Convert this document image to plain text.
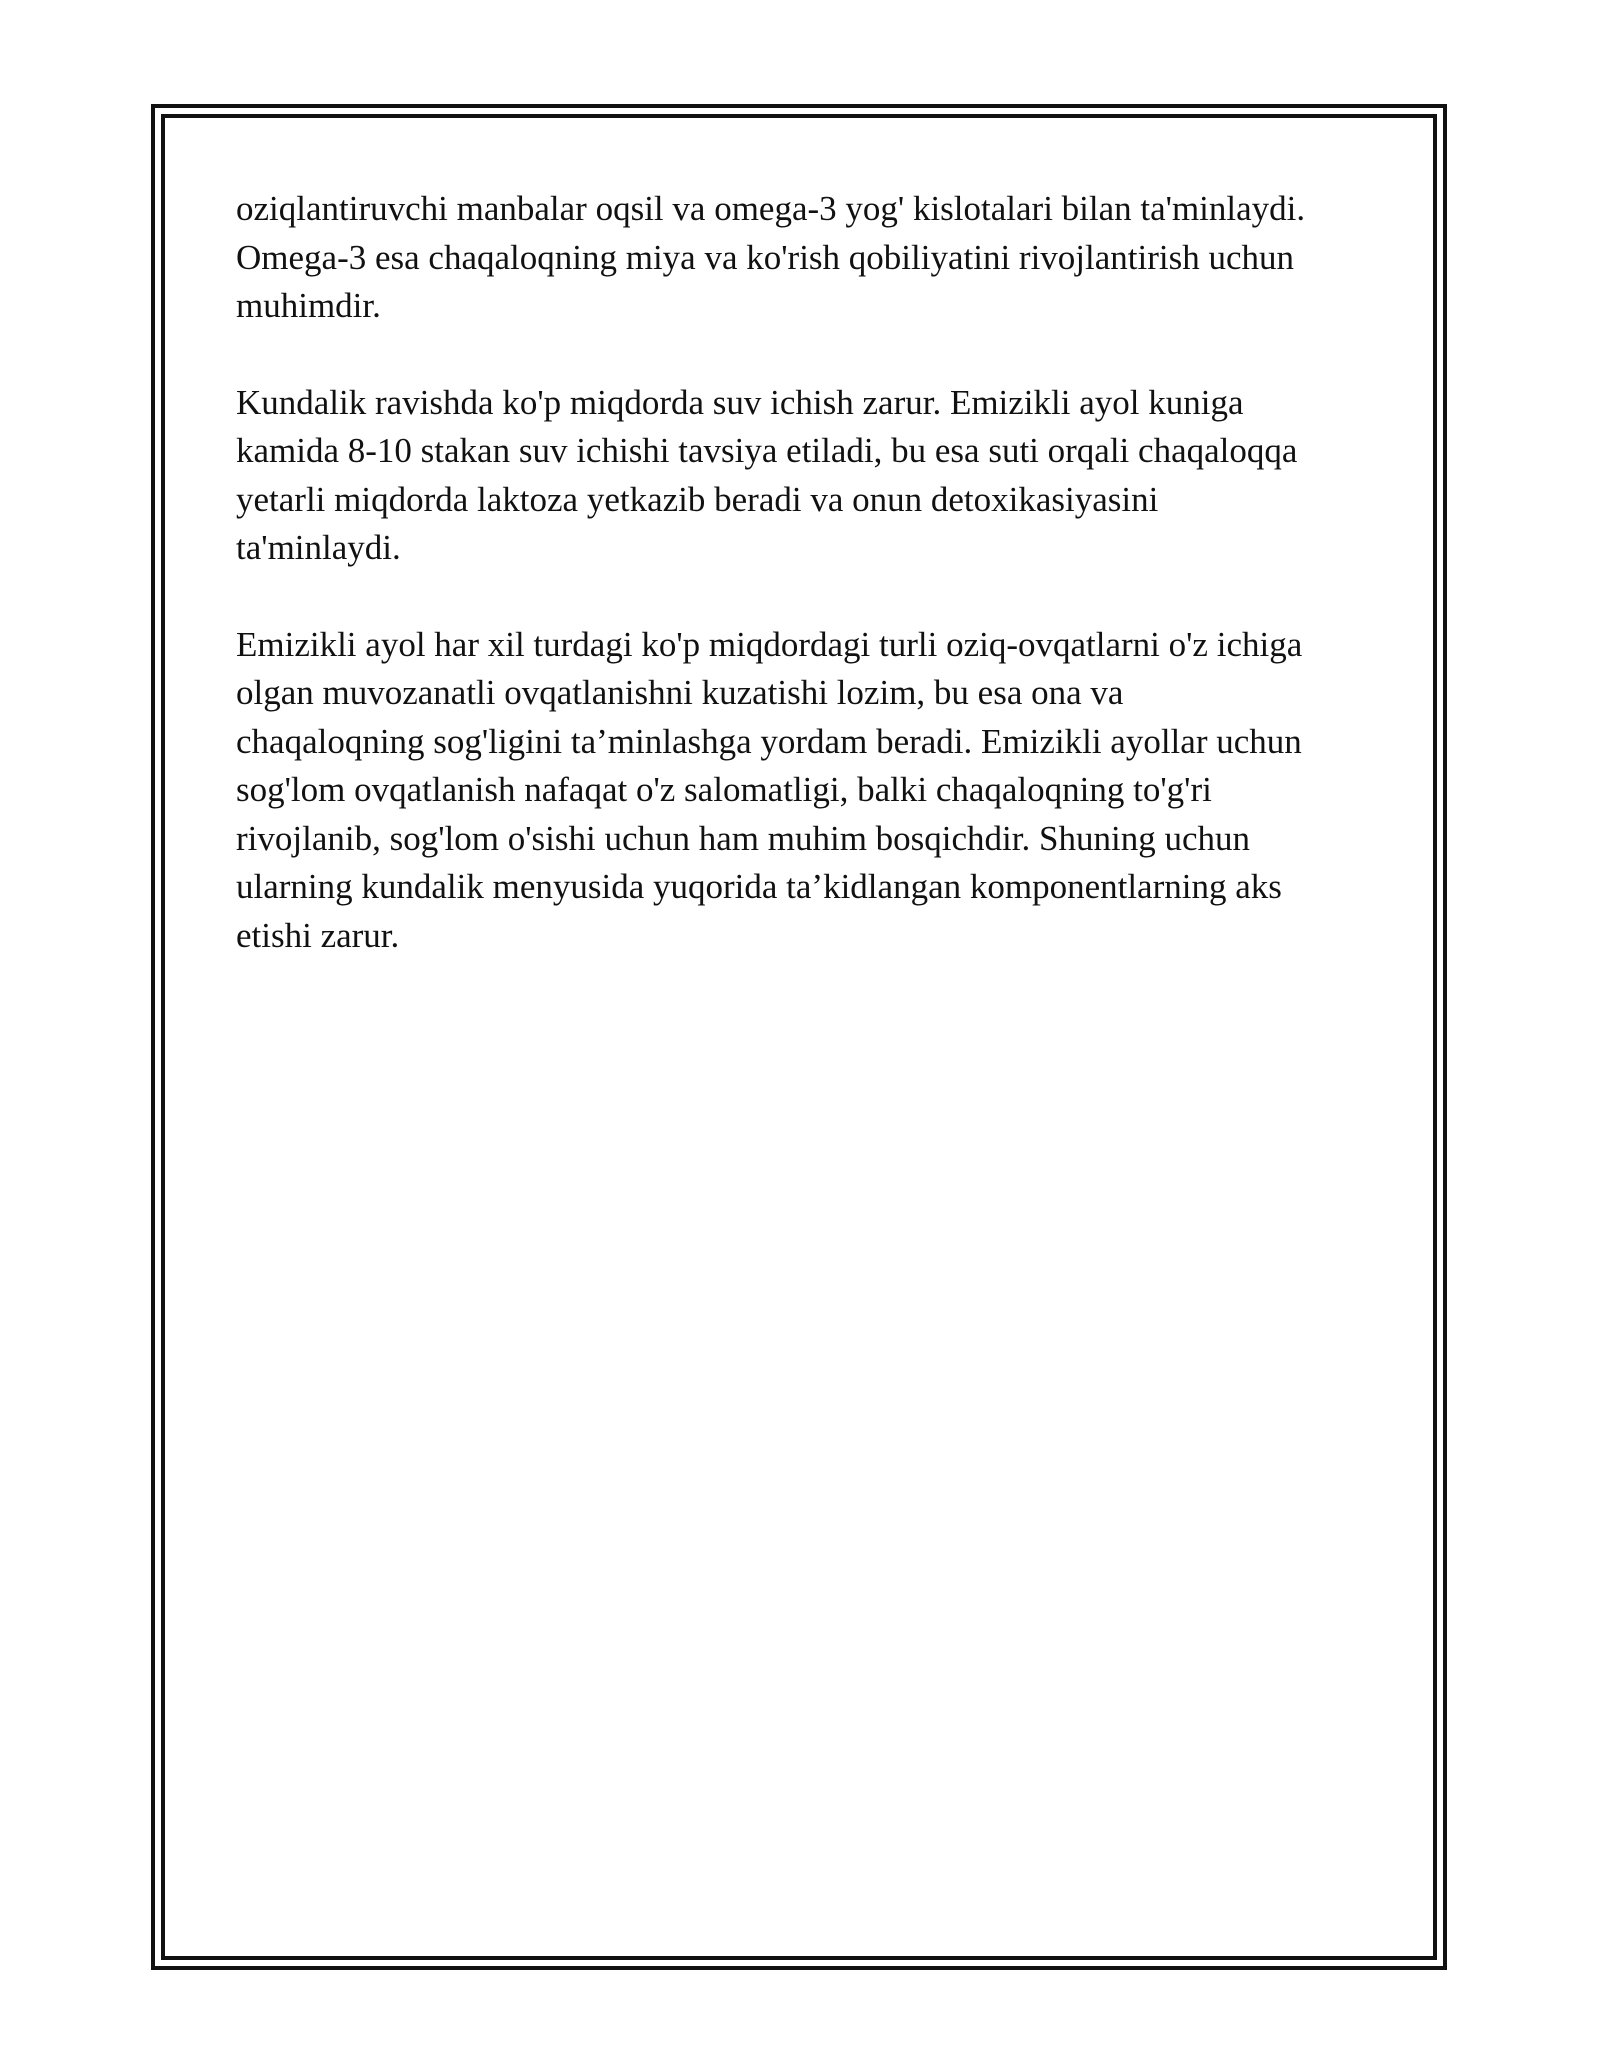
oziqlantiruvchi manbalar oqsil va omega-3 yog' kislotalari bilan ta'minlaydi.
Omega-3 esa chaqaloqning miya va ko'rish qobiliyatini rivojlantirish uchun
muhimdir.

Kundalik ravishda ko'p miqdorda suv ichish zarur. Emizikli ayol kuniga
kamida 8-10 stakan suv ichishi tavsiya etiladi, bu esa suti orqali chaqaloqqa
yetarli miqdorda laktoza yetkazib beradi va onun detoxikasiyasini
ta'minlaydi.

Emizikli ayol har xil turdagi ko'p miqdordagi turli oziq-ovqatlarni o'z ichiga
olgan muvozanatli ovqatlanishni kuzatishi lozim, bu esa ona va
chaqaloqning sog'ligini ta’minlashga yordam beradi. Emizikli ayollar uchun
sog'lom ovqatlanish nafaqat o'z salomatligi, balki chaqaloqning to'g'ri
rivojlanib, sog'lom o'sishi uchun ham muhim bosqichdir. Shuning uchun
ularning kundalik menyusida yuqorida ta’kidlangan komponentlarning aks
etishi zarur.
